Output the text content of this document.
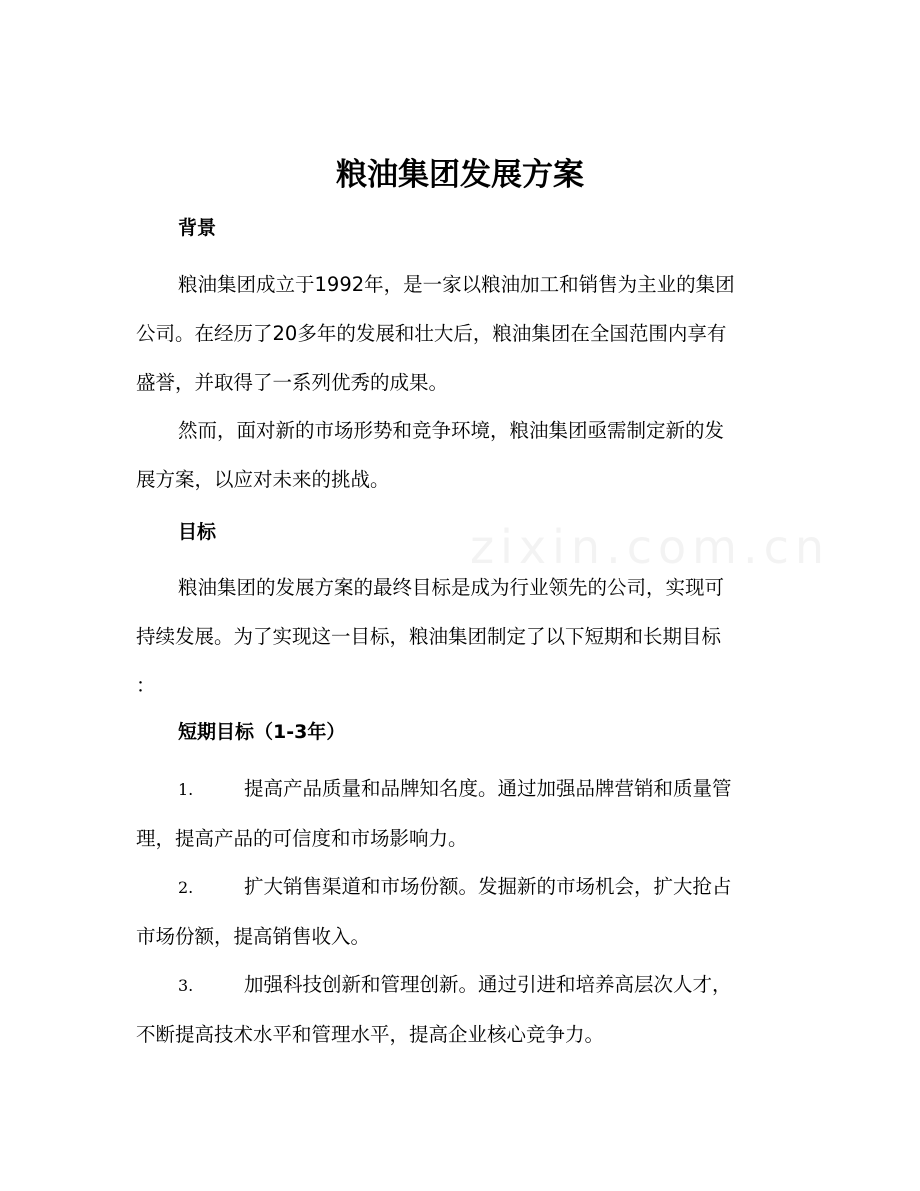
zixin.com.cn
粮油集团发展方案
背景
粮油集团成立于1992年，是一家以粮油加工和销售为主业的集团
公司。在经历了20多年的发展和壮大后，粮油集团在全国范围内享有
盛誉，并取得了一系列优秀的成果。
然而，面对新的市场形势和竞争环境，粮油集团亟需制定新的发
展方案，以应对未来的挑战。
目标
粮油集团的发展方案的最终目标是成为行业领先的公司，实现可
持续发展。为了实现这一目标，粮油集团制定了以下短期和长期目标
：
短期目标（1-3年）
1.	提高产品质量和品牌知名度。通过加强品牌营销和质量管
理，提高产品的可信度和市场影响力。
2.	扩大销售渠道和市场份额。发掘新的市场机会，扩大抢占
市场份额，提高销售收入。
3.	加强科技创新和管理创新。通过引进和培养高层次人才，
不断提高技术水平和管理水平，提高企业核心竞争力。
